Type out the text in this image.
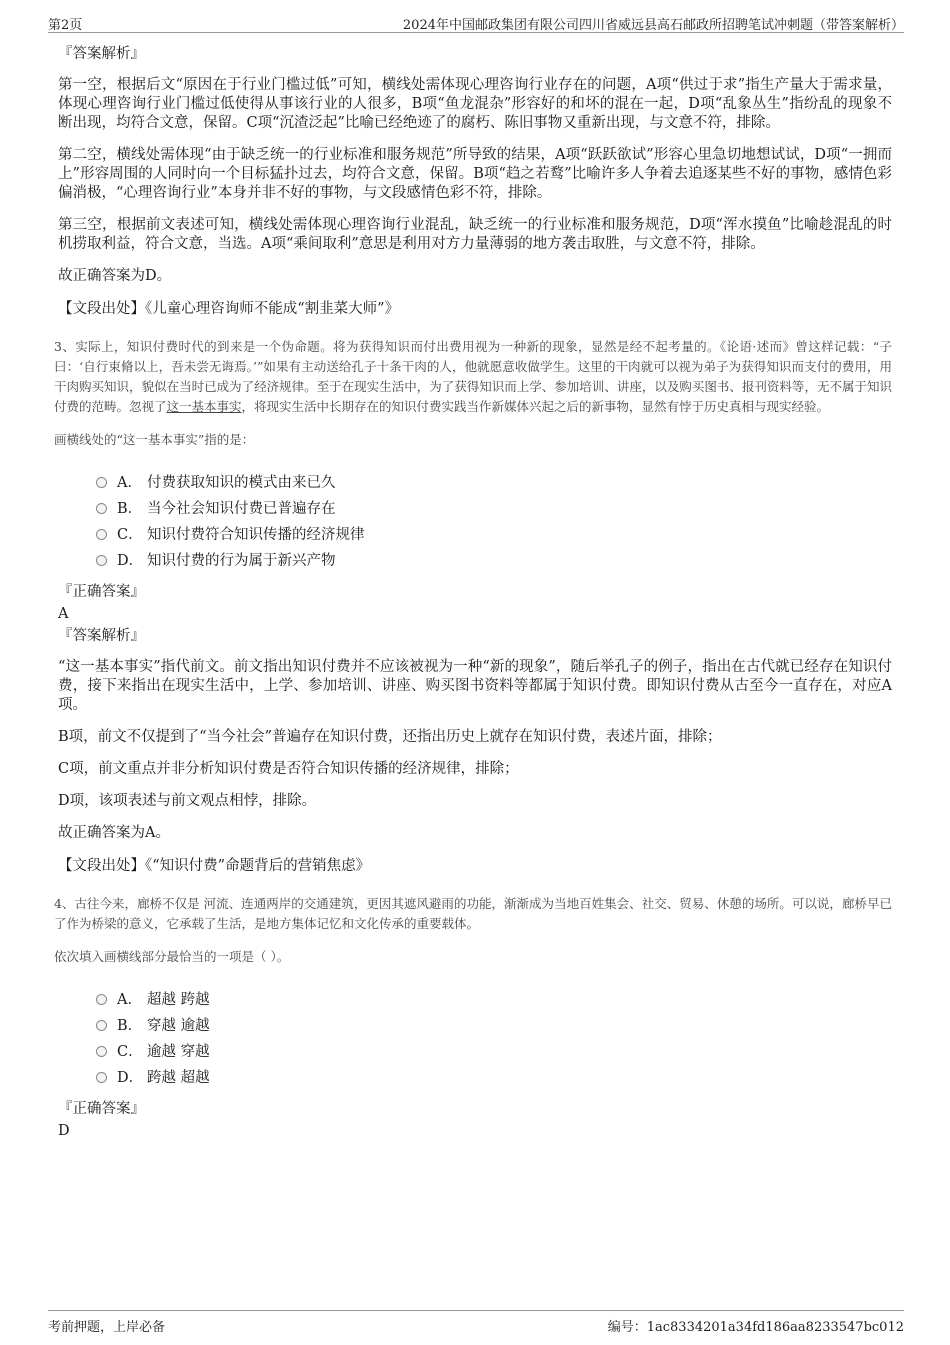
第2页	2024年中国邮政集团有限公司四川省威远县高石邮政所招聘笔试冲刺题（带答案解析）
『答案解析』

第一空，根据后文“原因在于行业门槛过低”可知，横线处需体现心理咨询行业存在的问题，A项“供过于求”指生产量大于需求量，体现心理咨询行业门槛过低使得从事该行业的人很多，B项“鱼龙混杂”形容好的和坏的混在一起，D项“乱象丛生”指纷乱的现象不断出现，均符合文意，保留。C项“沉渣泛起”比喻已经绝迹了的腐朽、陈旧事物又重新出现，与文意不符，排除。

第二空，横线处需体现“由于缺乏统一的行业标准和服务规范”所导致的结果，A项“跃跃欲试”形容心里急切地想试试，D项“一拥而上”形容周围的人同时向一个目标猛扑过去，均符合文意，保留。B项“趋之若鹜”比喻许多人争着去追逐某些不好的事物，感情色彩偏消极，“心理咨询行业”本身并非不好的事物，与文段感情色彩不符，排除。

第三空，根据前文表述可知，横线处需体现心理咨询行业混乱，缺乏统一的行业标准和服务规范，D项“浑水摸鱼”比喻趁混乱的时机捞取利益，符合文意，当选。A项“乘间取利”意思是利用对方力量薄弱的地方袭击取胜，与文意不符，排除。

故正确答案为D。

【文段出处】《儿童心理咨询师不能成“割韭菜大师”》

3、实际上，知识付费时代的到来是一个伪命题。将为获得知识而付出费用视为一种新的现象，显然是经不起考量的。《论语·述而》曾这样记载：“子曰：‘自行束脩以上，吾未尝无诲焉。’”如果有主动送给孔子十条干肉的人，他就愿意收做学生。这里的干肉就可以视为弟子为获得知识而支付的费用，用干肉购买知识，貌似在当时已成为了经济规律。至于在现实生活中，为了获得知识而上学、参加培训、讲座，以及购买图书、报刊资料等，无不属于知识付费的范畴。忽视了这一基本事实，将现实生活中长期存在的知识付费实践当作新媒体兴起之后的新事物，显然有悖于历史真相与现实经验。

画横线处的“这一基本事实”指的是：
A． 付费获取知识的模式由来已久
B． 当今社会知识付费已普遍存在
C． 知识付费符合知识传播的经济规律
D． 知识付费的行为属于新兴产物
『正确答案』
A
『答案解析』

“这一基本事实”指代前文。前文指出知识付费并不应该被视为一种“新的现象”，随后举孔子的例子，指出在古代就已经存在知识付费，接下来指出在现实生活中，上学、参加培训、讲座、购买图书资料等都属于知识付费。即知识付费从古至今一直存在，对应A项。

B项，前文不仅提到了“当今社会”普遍存在知识付费，还指出历史上就存在知识付费，表述片面，排除；

C项，前文重点并非分析知识付费是否符合知识传播的经济规律，排除；

D项，该项表述与前文观点相悖，排除。

故正确答案为A。

【文段出处】《“知识付费”命题背后的营销焦虑》

4、古往今来，廊桥不仅是 河流、连通两岸的交通建筑，更因其遮风避雨的功能，渐渐成为当地百姓集会、社交、贸易、休憩的场所。可以说，廊桥早已 了作为桥梁的意义，它承载了生活，是地方集体记忆和文化传承的重要载体。

依次填入画横线部分最恰当的一项是（ ）。
A． 超越 跨越
B． 穿越 逾越
C． 逾越 穿越
D． 跨越 超越
『正确答案』
D
考前押题，上岸必备	编号：1ac8334201a34fd186aa8233547bc012
